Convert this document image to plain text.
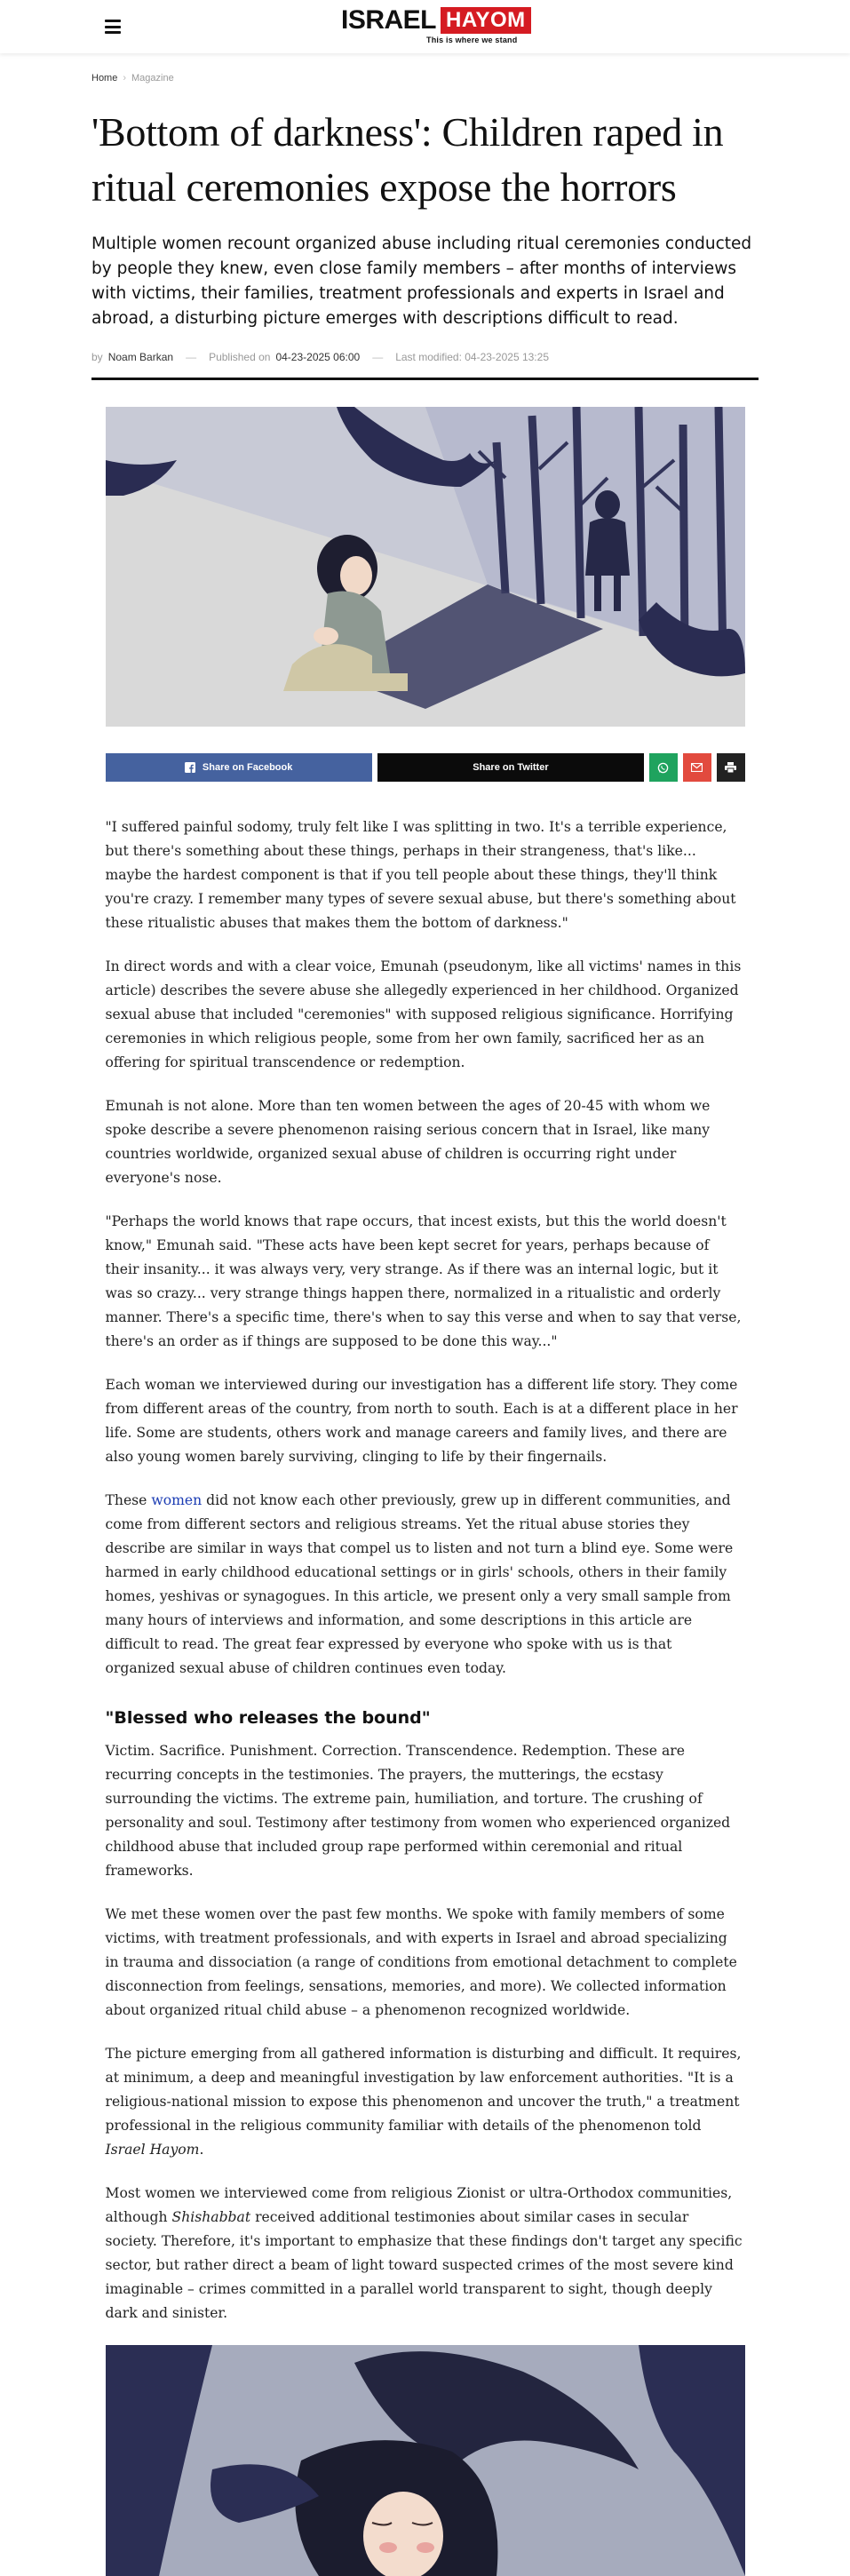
ISRAEL HAYOM
This is where we stand
Home › Magazine
'Bottom of darkness': Children raped in ritual ceremonies expose the horrors

Multiple women recount organized abuse including ritual ceremonies conducted by people they knew, even close family members – after months of interviews with victims, their families, treatment professionals and experts in Israel and abroad, a disturbing picture emerges with descriptions difficult to read.

by Noam Barkan — Published on 04-23-2025 06:00 — Last modified: 04-23-2025 13:25
Share on Facebook	Share on Twitter

"I suffered painful sodomy, truly felt like I was splitting in two. It's a terrible experience, but there's something about these things, perhaps in their strangeness, that's like... maybe the hardest component is that if you tell people about these things, they'll think you're crazy. I remember many types of severe sexual abuse, but there's something about these ritualistic abuses that makes them the bottom of darkness."

In direct words and with a clear voice, Emunah (pseudonym, like all victims' names in this article) describes the severe abuse she allegedly experienced in her childhood. Organized sexual abuse that included "ceremonies" with supposed religious significance. Horrifying ceremonies in which religious people, some from her own family, sacrificed her as an offering for spiritual transcendence or redemption.

Emunah is not alone. More than ten women between the ages of 20-45 with whom we spoke describe a severe phenomenon raising serious concern that in Israel, like many countries worldwide, organized sexual abuse of children is occurring right under everyone's nose.

"Perhaps the world knows that rape occurs, that incest exists, but this the world doesn't know," Emunah said. "These acts have been kept secret for years, perhaps because of their insanity... it was always very, very strange. As if there was an internal logic, but it was so crazy... very strange things happen there, normalized in a ritualistic and orderly manner. There's a specific time, there's when to say this verse and when to say that verse, there's an order as if things are supposed to be done this way..."

Each woman we interviewed during our investigation has a different life story. They come from different areas of the country, from north to south. Each is at a different place in her life. Some are students, others work and manage careers and family lives, and there are also young women barely surviving, clinging to life by their fingernails.

These women did not know each other previously, grew up in different communities, and come from different sectors and religious streams. Yet the ritual abuse stories they describe are similar in ways that compel us to listen and not turn a blind eye. Some were harmed in early childhood educational settings or in girls' schools, others in their family homes, yeshivas or synagogues. In this article, we present only a very small sample from many hours of interviews and information, and some descriptions in this article are difficult to read. The great fear expressed by everyone who spoke with us is that organized sexual abuse of children continues even today.

"Blessed who releases the bound"

Victim. Sacrifice. Punishment. Correction. Transcendence. Redemption. These are recurring concepts in the testimonies. The prayers, the mutterings, the ecstasy surrounding the victims. The extreme pain, humiliation, and torture. The crushing of personality and soul. Testimony after testimony from women who experienced organized childhood abuse that included group rape performed within ceremonial and ritual frameworks.

We met these women over the past few months. We spoke with family members of some victims, with treatment professionals, and with experts in Israel and abroad specializing in trauma and dissociation (a range of conditions from emotional detachment to complete disconnection from feelings, sensations, memories, and more). We collected information about organized ritual child abuse – a phenomenon recognized worldwide.

The picture emerging from all gathered information is disturbing and difficult. It requires, at minimum, a deep and meaningful investigation by law enforcement authorities. "It is a religious-national mission to expose this phenomenon and uncover the truth," a treatment professional in the religious community familiar with details of the phenomenon told Israel Hayom.

Most women we interviewed come from religious Zionist or ultra-Orthodox communities, although Shishabbat received additional testimonies about similar cases in secular society. Therefore, it's important to emphasize that these findings don't target any specific sector, but rather direct a beam of light toward suspected crimes of the most severe kind imaginable – crimes committed in a parallel world transparent to sight, though deeply dark and sinister.
